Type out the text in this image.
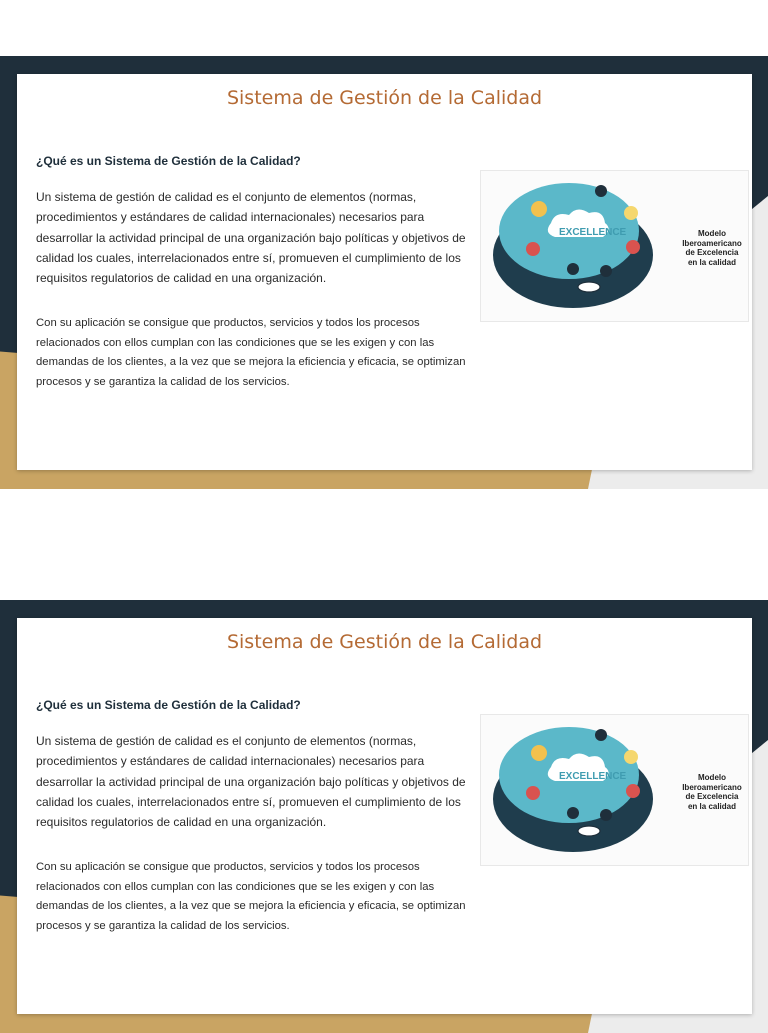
Sistema de Gestión de la Calidad

¿Qué es un Sistema de Gestión de la Calidad?

Un sistema de gestión de calidad es el conjunto de elementos (normas, procedimientos y estándares de calidad internacionales) necesarios para desarrollar la actividad principal de una organización bajo políticas y objetivos de calidad los cuales, interrelacionados entre sí, promueven el cumplimiento de los requisitos regulatorios de calidad en una organización.

Con su aplicación se consigue que productos, servicios y todos los procesos relacionados con ellos cumplan con las condiciones que se les exigen y con las demandas de los clientes, a la vez que se mejora la eficiencia y eficacia, se optimizan procesos y se garantiza la calidad de los servicios.

EXCELLENCE	Modelo
Iberoamericano
de Excelencia
en la calidad
Sistema de Gestión de la Calidad

¿Qué es un Sistema de Gestión de la Calidad?

Un sistema de gestión de calidad es el conjunto de elementos (normas, procedimientos y estándares de calidad internacionales) necesarios para desarrollar la actividad principal de una organización bajo políticas y objetivos de calidad los cuales, interrelacionados entre sí, promueven el cumplimiento de los requisitos regulatorios de calidad en una organización.

Con su aplicación se consigue que productos, servicios y todos los procesos relacionados con ellos cumplan con las condiciones que se les exigen y con las demandas de los clientes, a la vez que se mejora la eficiencia y eficacia, se optimizan procesos y se garantiza la calidad de los servicios.

EXCELLENCE	Modelo
Iberoamericano
de Excelencia
en la calidad
